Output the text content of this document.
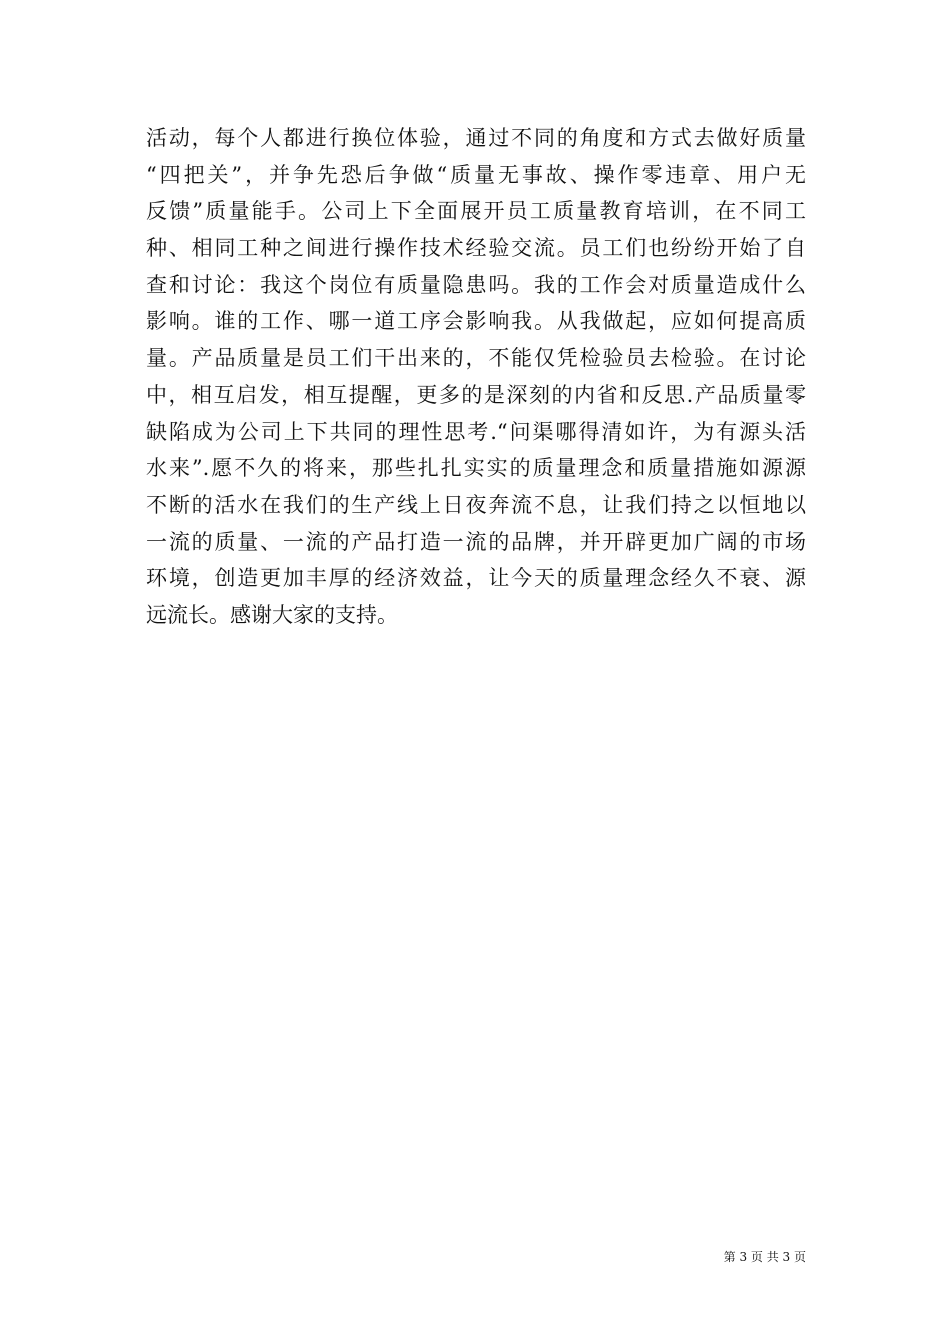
活动，每个人都进行换位体验，通过不同的角度和方式去做好质量
“四把关”，并争先恐后争做“质量无事故、操作零违章、用户无
反馈”质量能手。公司上下全面展开员工质量教育培训，在不同工
种、相同工种之间进行操作技术经验交流。员工们也纷纷开始了自
查和讨论：我这个岗位有质量隐患吗。我的工作会对质量造成什么
影响。谁的工作、哪一道工序会影响我。从我做起，应如何提高质
量。产品质量是员工们干出来的，不能仅凭检验员去检验。在讨论
中，相互启发，相互提醒，更多的是深刻的内省和反思.产品质量零
缺陷成为公司上下共同的理性思考.“问渠哪得清如许，为有源头活
水来”.愿不久的将来，那些扎扎实实的质量理念和质量措施如源源
不断的活水在我们的生产线上日夜奔流不息，让我们持之以恒地以
一流的质量、一流的产品打造一流的品牌，并开辟更加广阔的市场
环境，创造更加丰厚的经济效益，让今天的质量理念经久不衰、源
远流长。感谢大家的支持。
第 3 页 共 3 页
